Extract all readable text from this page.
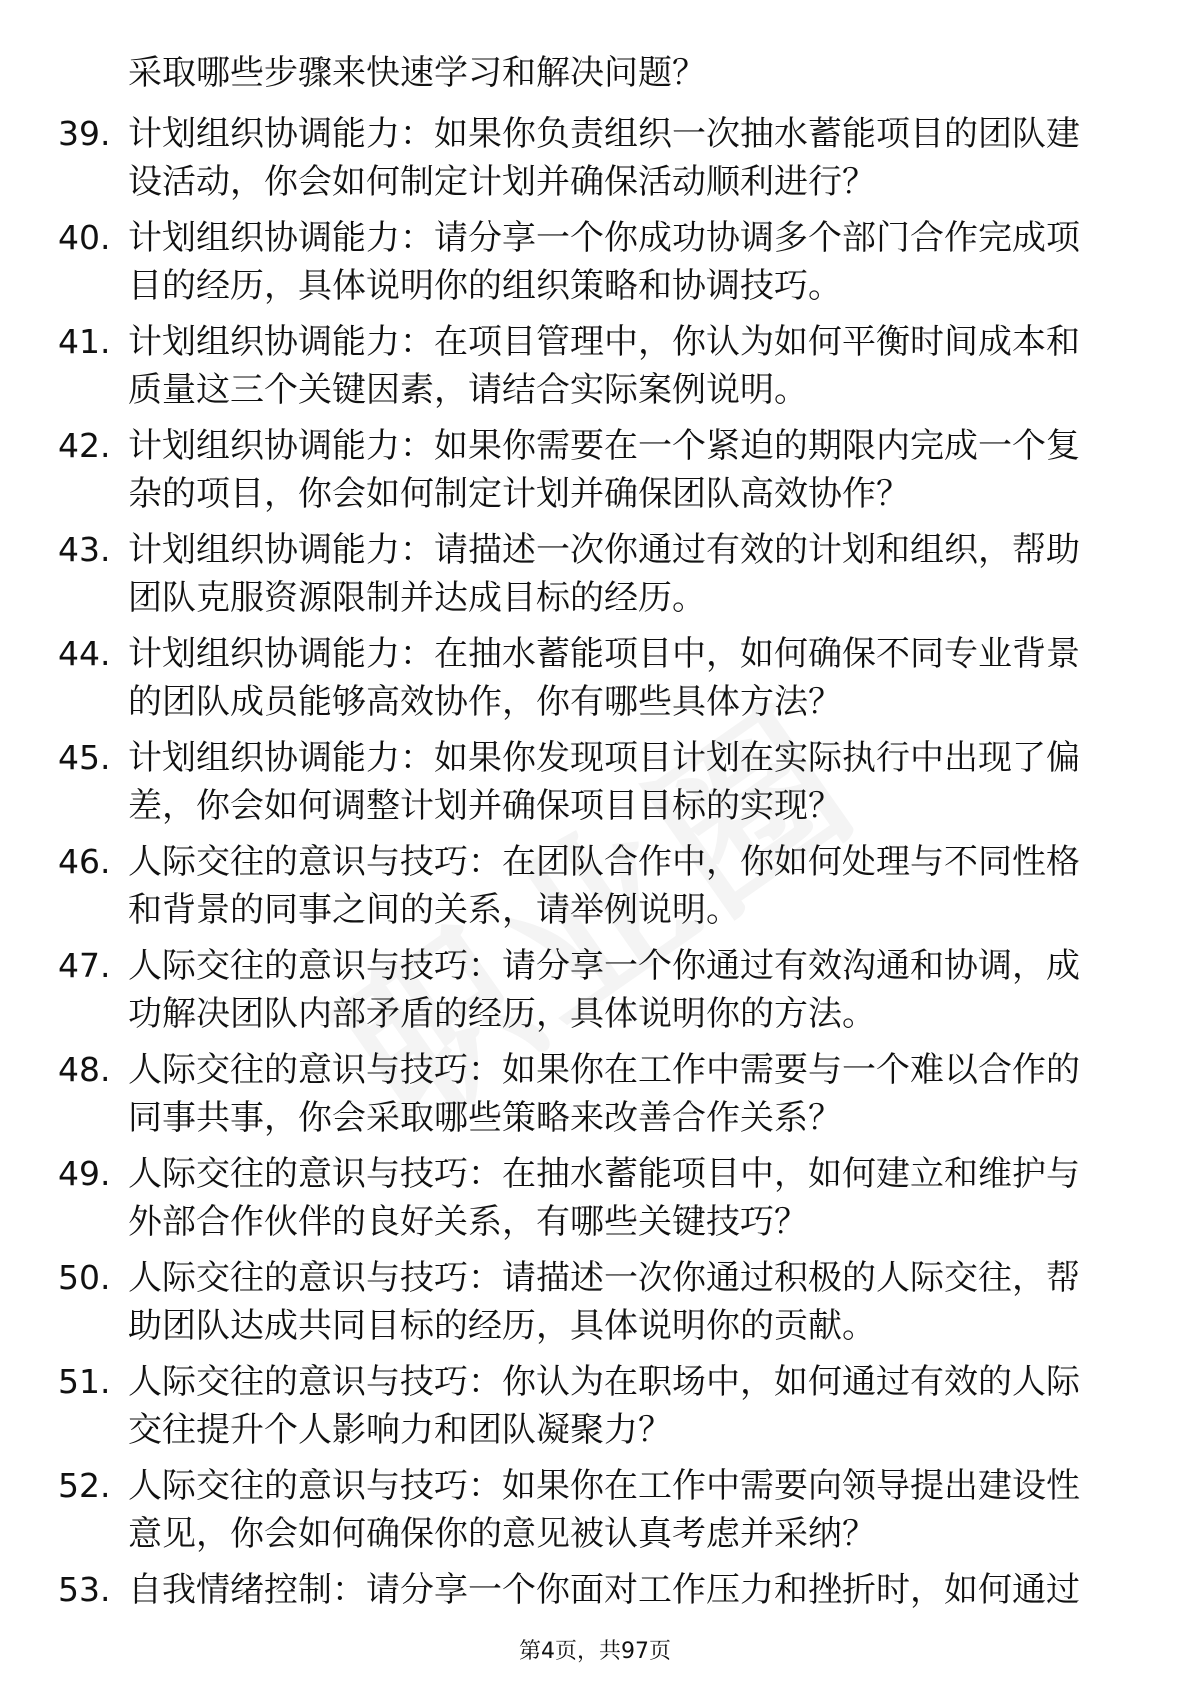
采取哪些步骤来快速学习和解决问题？
39. 计划组织协调能力：如果你负责组织一次抽水蓄能项目的团队建
设活动，你会如何制定计划并确保活动顺利进行？
40. 计划组织协调能力：请分享一个你成功协调多个部门合作完成项
目的经历，具体说明你的组织策略和协调技巧。
41. 计划组织协调能力：在项目管理中，你认为如何平衡时间成本和
质量这三个关键因素，请结合实际案例说明。
42. 计划组织协调能力：如果你需要在一个紧迫的期限内完成一个复
杂的项目，你会如何制定计划并确保团队高效协作？
43. 计划组织协调能力：请描述一次你通过有效的计划和组织，帮助
团队克服资源限制并达成目标的经历。
44. 计划组织协调能力：在抽水蓄能项目中，如何确保不同专业背景
的团队成员能够高效协作，你有哪些具体方法？
45. 计划组织协调能力：如果你发现项目计划在实际执行中出现了偏
差，你会如何调整计划并确保项目目标的实现？
46. 人际交往的意识与技巧：在团队合作中，你如何处理与不同性格
和背景的同事之间的关系，请举例说明。
47. 人际交往的意识与技巧：请分享一个你通过有效沟通和协调，成
功解决团队内部矛盾的经历，具体说明你的方法。
48. 人际交往的意识与技巧：如果你在工作中需要与一个难以合作的
同事共事，你会采取哪些策略来改善合作关系？
49. 人际交往的意识与技巧：在抽水蓄能项目中，如何建立和维护与
外部合作伙伴的良好关系，有哪些关键技巧？
50. 人际交往的意识与技巧：请描述一次你通过积极的人际交往，帮
助团队达成共同目标的经历，具体说明你的贡献。
51. 人际交往的意识与技巧：你认为在职场中，如何通过有效的人际
交往提升个人影响力和团队凝聚力？
52. 人际交往的意识与技巧：如果你在工作中需要向领导提出建设性
意见，你会如何确保你的意见被认真考虑并采纳？
53. 自我情绪控制：请分享一个你面对工作压力和挫折时，如何通过
第4页，共97页
